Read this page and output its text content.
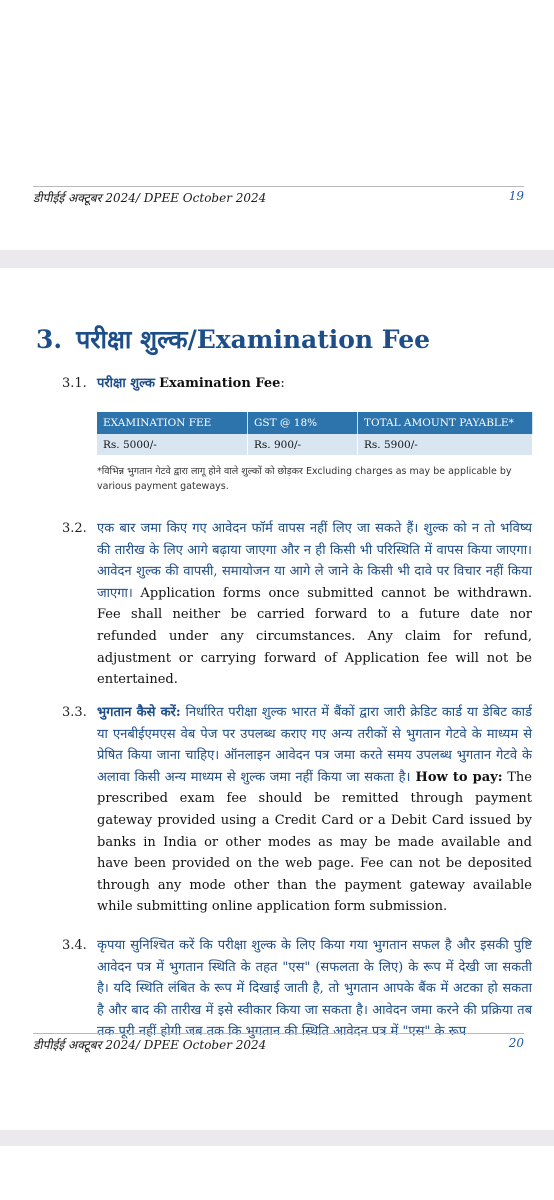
डीपीईई अक्टूबर 2024/ DPEE October 2024	19
3. परीक्षा शुल्क/Examination Fee
3.1. परीक्षा शुल्क Examination Fee:
EXAMINATION FEE	GST @ 18%	TOTAL AMOUNT PAYABLE*
Rs. 5000/-	Rs. 900/-	Rs. 5900/-
*विभिन्न भुगतान गेटवे द्वारा लागू होने वाले शुल्कों को छोड़कर Excluding charges as may be applicable by various payment gateways.
3.2. एक बार जमा किए गए आवेदन फॉर्म वापस नहीं लिए जा सकते हैं। शुल्क को न तो भविष्य की तारीख के लिए आगे बढ़ाया जाएगा और न ही किसी भी परिस्थिति में वापस किया जाएगा। आवेदन शुल्क की वापसी, समायोजन या आगे ले जाने के किसी भी दावे पर विचार नहीं किया जाएगा। Application forms once submitted cannot be withdrawn. Fee shall neither be carried forward to a future date nor refunded under any circumstances. Any claim for refund, adjustment or carrying forward of Application fee will not be entertained.
3.3. भुगतान कैसे करें: निर्धारित परीक्षा शुल्क भारत में बैंकों द्वारा जारी क्रेडिट कार्ड या डेबिट कार्ड या एनबीईएमएस वेब पेज पर उपलब्ध कराए गए अन्य तरीकों से भुगतान गेटवे के माध्यम से प्रेषित किया जाना चाहिए। ऑनलाइन आवेदन पत्र जमा करते समय उपलब्ध भुगतान गेटवे के अलावा किसी अन्य माध्यम से शुल्क जमा नहीं किया जा सकता है। How to pay: The prescribed exam fee should be remitted through payment gateway provided using a Credit Card or a Debit Card issued by banks in India or other modes as may be made available and have been provided on the web page. Fee can not be deposited through any mode other than the payment gateway available while submitting online application form submission.
3.4. कृपया सुनिश्चित करें कि परीक्षा शुल्क के लिए किया गया भुगतान सफल है और इसकी पुष्टि आवेदन पत्र में भुगतान स्थिति के तहत "एस" (सफलता के लिए) के रूप में देखी जा सकती है। यदि स्थिति लंबित के रूप में दिखाई जाती है, तो भुगतान आपके बैंक में अटका हो सकता है और बाद की तारीख में इसे स्वीकार किया जा सकता है। आवेदन जमा करने की प्रक्रिया तब तक पूरी नहीं होगी जब तक कि भुगतान की स्थिति आवेदन पत्र में "एस" के रूप
डीपीईई अक्टूबर 2024/ DPEE October 2024	20
